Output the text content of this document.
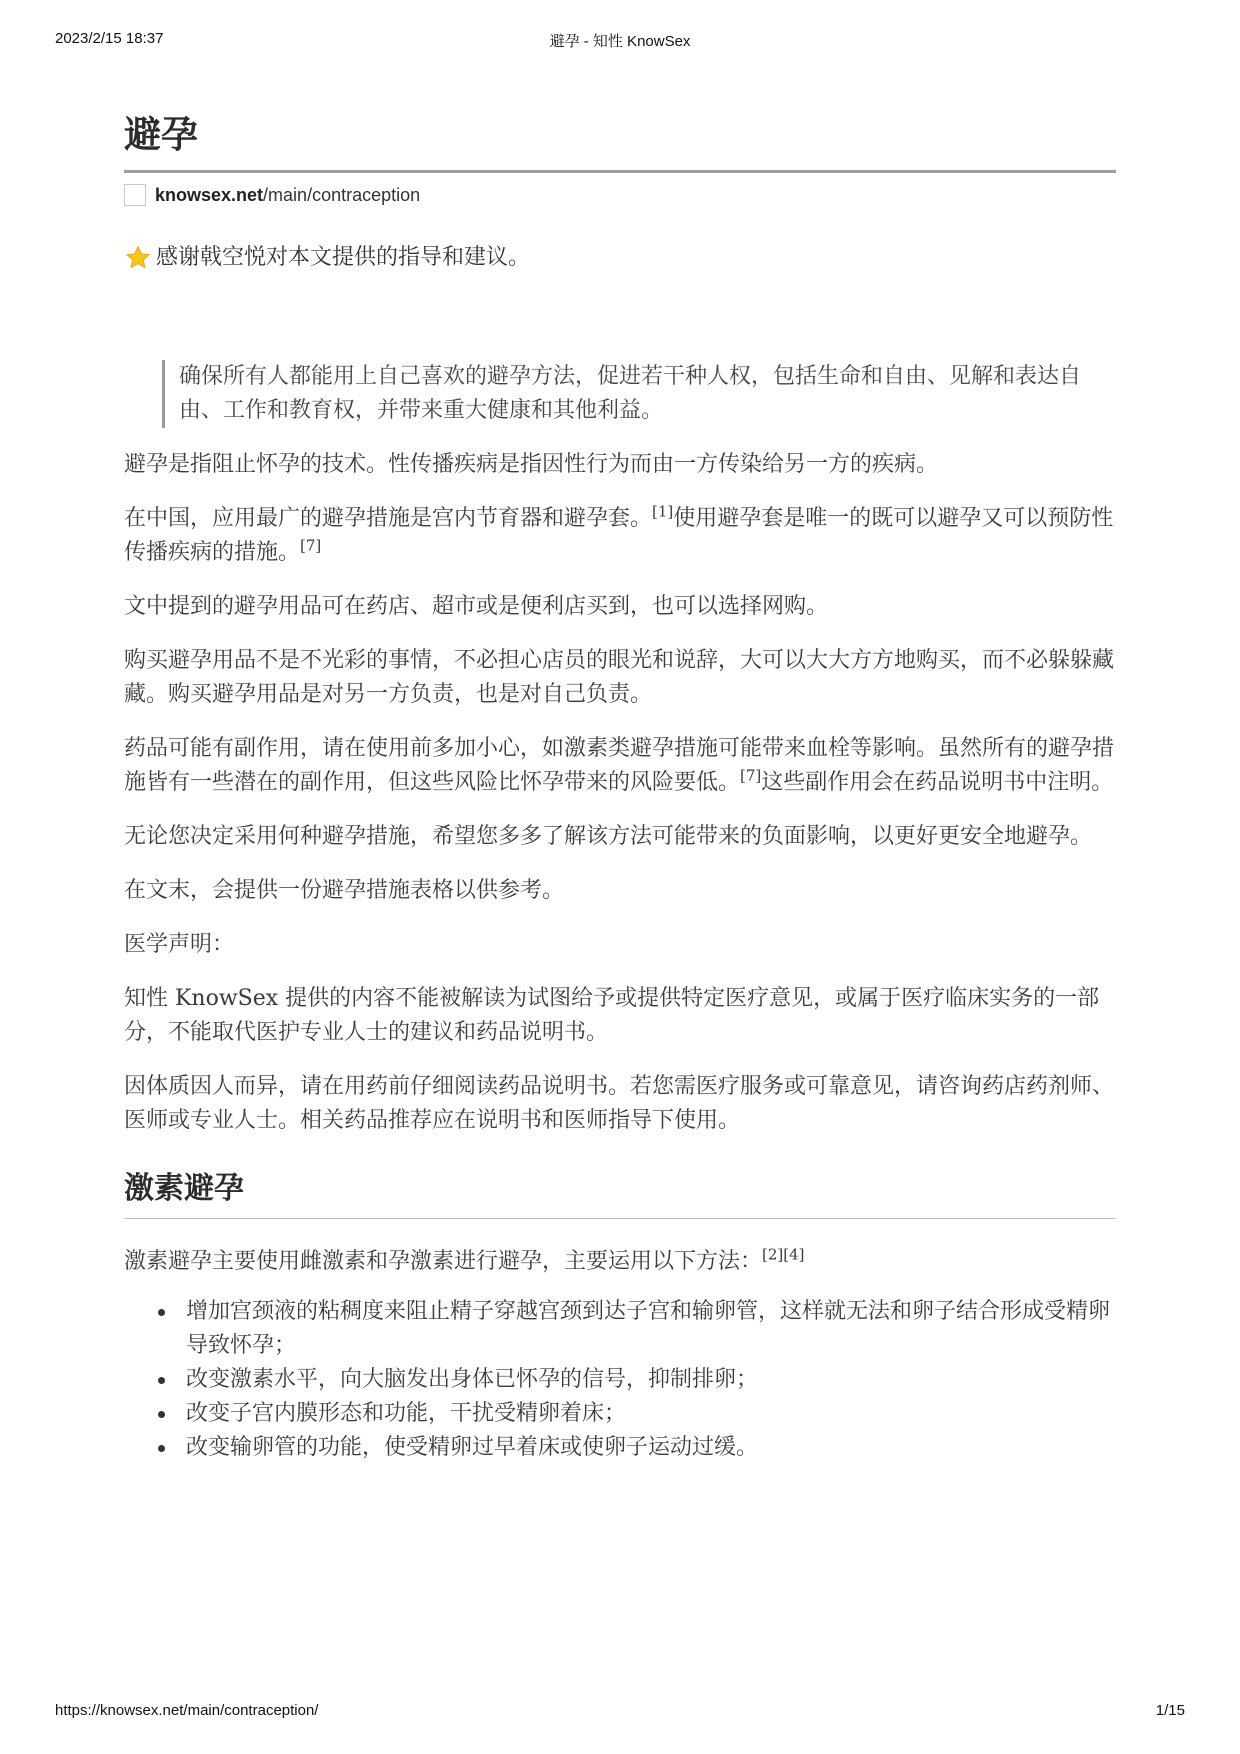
2023/2/15 18:37	避孕 - 知性 KnowSex
避孕
knowsex.net /main/contraception
感谢戟空悦对本文提供的指导和建议。
确保所有人都能用上自己喜欢的避孕方法，促进若干种人权，包括生命和自由、见解和表达自由、工作和教育权，并带来重大健康和其他利益。

避孕是指阻止怀孕的技术。性传播疾病是指因性行为而由一方传染给另一方的疾病。

在中国，应用最广的避孕措施是宫内节育器和避孕套。[1]使用避孕套是唯一的既可以避孕又可以预防性传播疾病的措施。[7]

文中提到的避孕用品可在药店、超市或是便利店买到，也可以选择网购。

购买避孕用品不是不光彩的事情，不必担心店员的眼光和说辞，大可以大大方方地购买，而不必躲躲藏藏。购买避孕用品是对另一方负责，也是对自己负责。

药品可能有副作用，请在使用前多加小心，如激素类避孕措施可能带来血栓等影响。虽然所有的避孕措施皆有一些潜在的副作用，但这些风险比怀孕带来的风险要低。[7]这些副作用会在药品说明书中注明。

无论您决定采用何种避孕措施，希望您多多了解该方法可能带来的负面影响，以更好更安全地避孕。

在文末，会提供一份避孕措施表格以供参考。

医学声明：

知性 KnowSex 提供的内容不能被解读为试图给予或提供特定医疗意见，或属于医疗临床实务的一部分，不能取代医护专业人士的建议和药品说明书。

因体质因人而异，请在用药前仔细阅读药品说明书。若您需医疗服务或可靠意见，请咨询药店药剂师、医师或专业人士。相关药品推荐应在说明书和医师指导下使用。

激素避孕

激素避孕主要使用雌激素和孕激素进行避孕，主要运用以下方法：[2][4]

增加宫颈液的粘稠度来阻止精子穿越宫颈到达子宫和输卵管，这样就无法和卵子结合形成受精卵导致怀孕；
改变激素水平，向大脑发出身体已怀孕的信号，抑制排卵；
改变子宫内膜形态和功能，干扰受精卵着床；
改变输卵管的功能，使受精卵过早着床或使卵子运动过缓。
https://knowsex.net/main/contraception/	1/15
